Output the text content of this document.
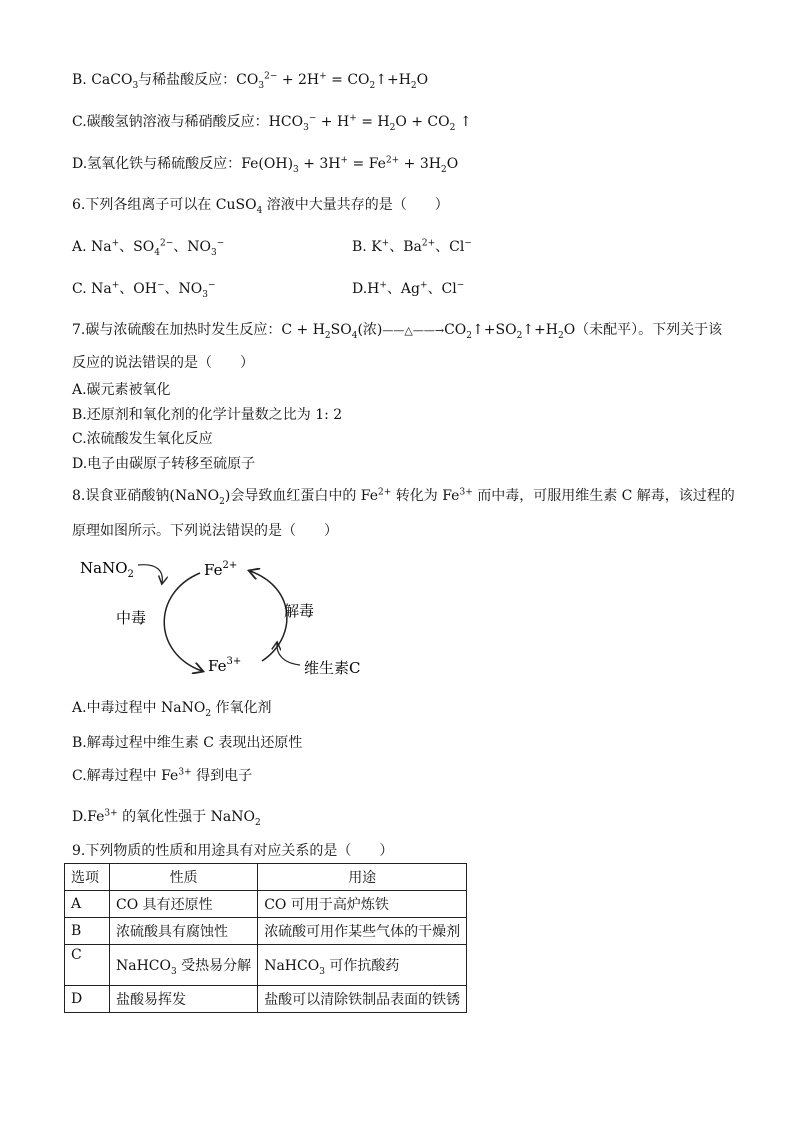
B. CaCO$_3$与稀盐酸反应：$CO_3^{2-} + 2H^+$ = $CO_2↑+H_2O$
C.碳酸氢钠溶液与稀硝酸反应：$HCO_3^- + H^+ = H_2O + CO_2$ ↑
D.氢氧化铁与稀硫酸反应：$Fe(OH)_3 + 3H^+ = Fe^{2+} + 3H_2O$
6.下列各组离子可以在 CuSO$_4$ 溶液中大量共存的是（　　）
A. Na+、$SO_4^{2-}$、$NO_3^-$	B. K+、$Ba^{2+}$、Cl−
C. Na+、OH−、$NO_3^-$	D.H+、Ag+、Cl−
7.碳与浓硫酸在加热时发生反应：$C + H_2SO_4$(浓)$——\triangle——\to CO_2↑+SO_2↑+H_2O$（未配平）。下列关于该
反应的说法错误的是（　　）
A.碳元素被氧化
B.还原剂和氧化剂的化学计量数之比为 1: 2
C.浓硫酸发生氧化反应
D.电子由碳原子转移至硫原子
8.误食亚硝酸钠(NaNO$_2$)会导致血红蛋白中的 $Fe^{2+}$ 转化为 $Fe^{3+}$ 而中毒，可服用维生素 C 解毒，该过程的
原理如图所示。下列说法错误的是（　　）
NaNO$_2$	$Fe^{2+}$
$Fe^{3+}$
中毒	解毒
维生素C
A.中毒过程中 NaNO$_2$ 作氧化剂
B.解毒过程中维生素 C 表现出还原性
C.解毒过程中 $Fe^{3+}$ 得到电子
$D.Fe^{3+}$ 的氧化性强于 NaNO$_2$
9.下列物质的性质和用途具有对应关系的是（　　）
选项	性质	用途
A	CO 具有还原性	CO 可用于高炉炼铁
B	浓硫酸具有腐蚀性	浓硫酸可用作某些气体的干燥剂
C	NaHCO$_3$ 受热易分解	NaHCO$_3$ 可作抗酸药
D	盐酸易挥发	盐酸可以清除铁制品表面的铁锈
